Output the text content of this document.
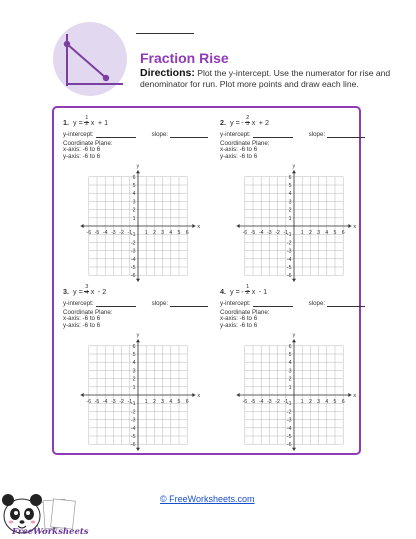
Fraction Rise
Directions: Plot the y-intercept. Use the numerator for rise and denominator for run. Plot more points and draw each line.
1. $y = \frac{1}{2}$ x + 1
y-intercept:	slope:
Coordinate Plane:
x-axis: -6 to 6
y-axis: -6 to 6
x
y
-6
-6
-5
-5
-4
-4
-3
-3
-2
-2
-1
-1 1
1
2
2
3
3
4
4
5
5
6
6
2. y = - $\frac{2}{3}$ x + 2
y-intercept:	slope:
Coordinate Plane:
x-axis: -6 to 6
y-axis: -6 to 6
x
y
-6
-6
-5
-5
-4
-4
-3
-3
-2
-2
-1
-1 1
1
2
2
3
3
4
4
5
5
6
6
3. $y = \frac{3}{4}$ x - 2
y-intercept:	slope:
Coordinate Plane:
x-axis: -6 to 6
y-axis: -6 to 6
x
y
-6
-6
-5
-5
-4
-4
-3
-3
-2
-2
-1
-1 1
1
2
2
3
3
4
4
5
5
6
6
4. y = - $\frac{1}{2}$ x - 1
y-intercept:	slope:
Coordinate Plane:
x-axis: -6 to 6
y-axis: -6 to 6
x
y
-6
-6
-5
-5
-4
-4
-3
-3
-2
-2
-1
-1 1
1
2
2
3
3
4
4
5
5
6
6
© FreeWorksheets.com
FreeWorksheets
